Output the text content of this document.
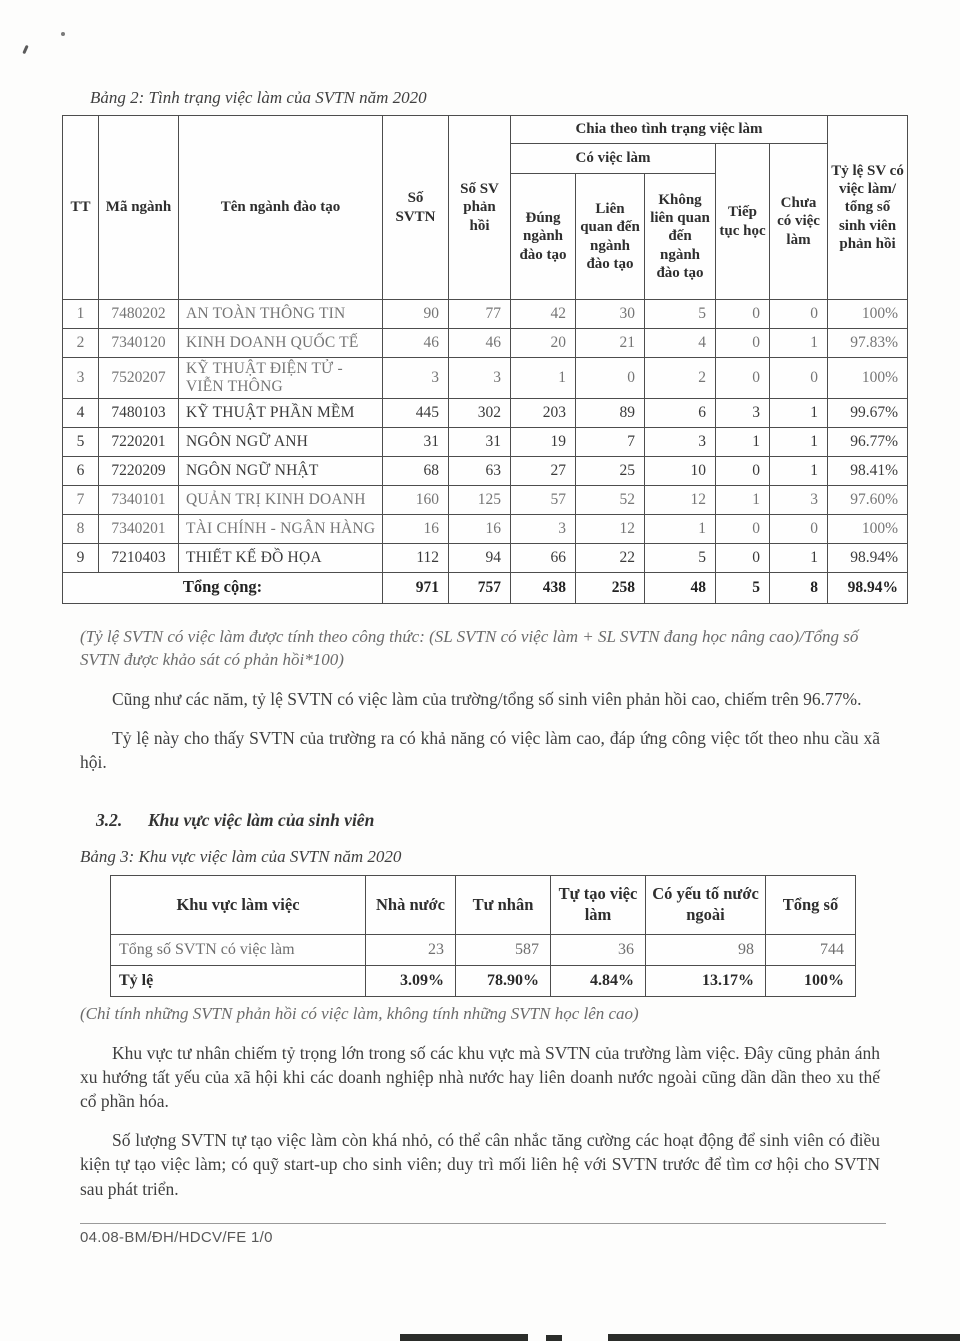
Bảng 2: Tình trạng việc làm của SVTN năm 2020
TT	Mã ngành	Tên ngành đào tạo	Số SVTN	Số SV phản hồi	Chia theo tình trạng việc làm					Tỷ lệ SV có việc làm/ tổng số sinh viên phản hồi
					Có việc làm			Tiếp tục học	Chưa có việc làm	
					Đúng ngành đào tạo	Liên quan đến ngành đào tạo	Không liên quan đến ngành đào tạo			
1	7480202	AN TOÀN THÔNG TIN	90	77	42	30	5	0	0	100%
2	7340120	KINH DOANH QUỐC TẾ	46	46	20	21	4	0	1	97.83%
3	7520207	KỸ THUẬT ĐIỆN TỬ - VIỄN THÔNG	3	3	1	0	2	0	0	100%
4	7480103	KỸ THUẬT PHẦN MỀM	445	302	203	89	6	3	1	99.67%
5	7220201	NGÔN NGỮ ANH	31	31	19	7	3	1	1	96.77%
6	7220209	NGÔN NGỮ NHẬT	68	63	27	25	10	0	1	98.41%
7	7340101	QUẢN TRỊ KINH DOANH	160	125	57	52	12	1	3	97.60%
8	7340201	TÀI CHÍNH - NGÂN HÀNG	16	16	3	12	1	0	0	100%
9	7210403	THIẾT KẾ ĐỒ HỌA	112	94	66	22	5	0	1	98.94%
Tổng cộng:			971	757	438	258	48	5	8	98.94%
(Tỷ lệ SVTN có việc làm được tính theo công thức: (SL SVTN có việc làm + SL SVTN đang học nâng cao)/Tổng số SVTN được khảo sát có phản hồi*100)
Cũng như các năm, tỷ lệ SVTN có việc làm của trường/tổng số sinh viên phản hồi cao, chiếm trên 96.77%.
Tỷ lệ này cho thấy SVTN của trường ra có khả năng có việc làm cao, đáp ứng công việc tốt theo nhu cầu xã hội.
3.2. Khu vực việc làm của sinh viên
Bảng 3: Khu vực việc làm của SVTN năm 2020
Khu vực làm việc	Nhà nước	Tư nhân	Tự tạo việc làm	Có yếu tố nước ngoài	Tổng số
Tổng số SVTN có việc làm	23	587	36	98	744
Tỷ lệ	3.09%	78.90%	4.84%	13.17%	100%
(Chỉ tính những SVTN phản hồi có việc làm, không tính những SVTN học lên cao)
Khu vực tư nhân chiếm tỷ trọng lớn trong số các khu vực mà SVTN của trường làm việc. Đây cũng phản ánh xu hướng tất yếu của xã hội khi các doanh nghiệp nhà nước hay liên doanh nước ngoài cũng dần dần theo xu thế cổ phần hóa.
Số lượng SVTN tự tạo việc làm còn khá nhỏ, có thể cân nhắc tăng cường các hoạt động để sinh viên có điều kiện tự tạo việc làm; có quỹ start-up cho sinh viên; duy trì mối liên hệ với SVTN trước để tìm cơ hội cho SVTN sau phát triển.
04.08-BM/ĐH/HDCV/FE 1/0
